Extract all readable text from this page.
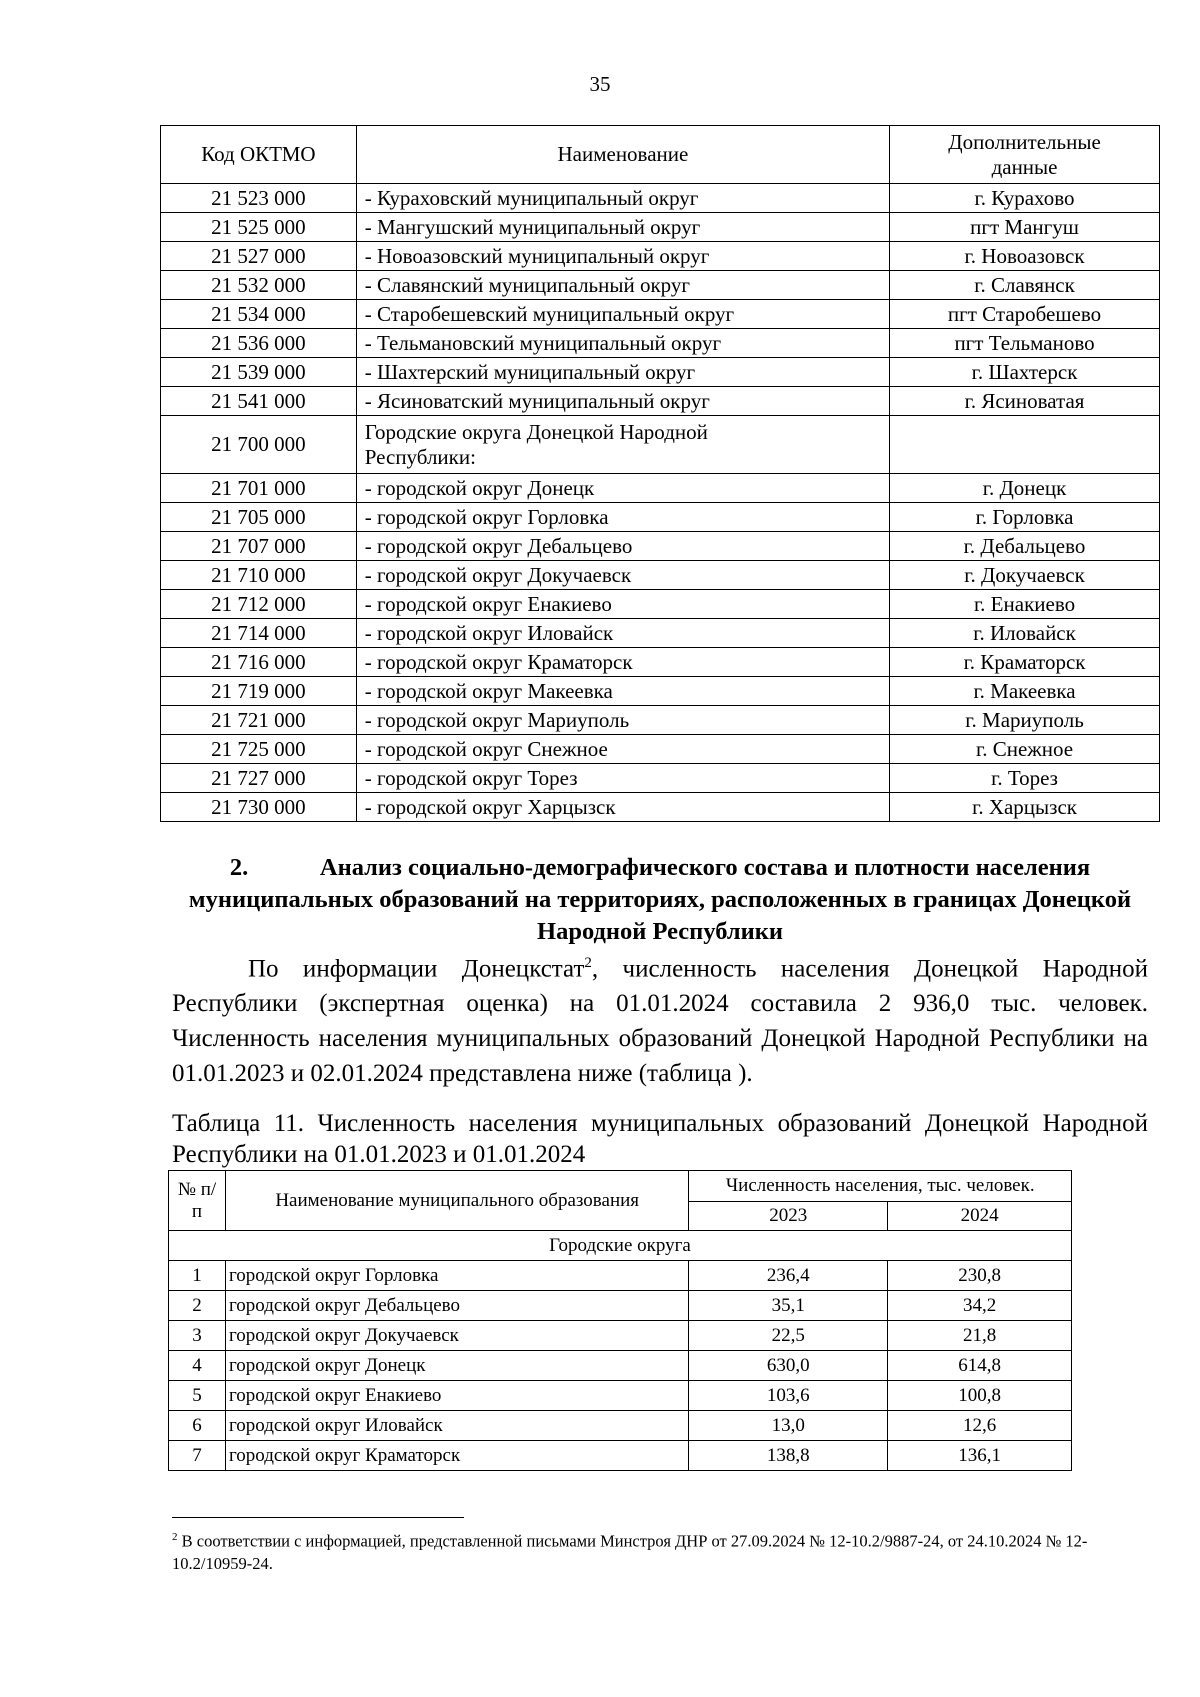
35
Код ОКТМО	Наименование	Дополнительные данные
21 523 000	- Кураховский муниципальный округ	г. Курахово
21 525 000	- Мангушский муниципальный округ	пгт Мангуш
21 527 000	- Новоазовский муниципальный округ	г. Новоазовск
21 532 000	- Славянский муниципальный округ	г. Славянск
21 534 000	- Старобешевский муниципальный округ	пгт Старобешево
21 536 000	- Тельмановский муниципальный округ	пгт Тельманово
21 539 000	- Шахтерский муниципальный округ	г. Шахтерск
21 541 000	- Ясиноватский муниципальный округ	г. Ясиноватая
21 700 000	Городские округа Донецкой Народной Республики:	
21 701 000	- городской округ Донецк	г. Донецк
21 705 000	- городской округ Горловка	г. Горловка
21 707 000	- городской округ Дебальцево	г. Дебальцево
21 710 000	- городской округ Докучаевск	г. Докучаевск
21 712 000	- городской округ Енакиево	г. Енакиево
21 714 000	- городской округ Иловайск	г. Иловайск
21 716 000	- городской округ Краматорск	г. Краматорск
21 719 000	- городской округ Макеевка	г. Макеевка
21 721 000	- городской округ Мариуполь	г. Мариуполь
21 725 000	- городской округ Снежное	г. Снежное
21 727 000	- городской округ Торез	г. Торез
21 730 000	- городской округ Харцызск	г. Харцызск
2.	Анализ социально-демографического состава и плотности населения муниципальных образований на территориях, расположенных в границах Донецкой Народной Республики
По информации Донецкстат$^2$, численность населения Донецкой Народной Республики (экспертная оценка) на 01.01.2024 составила 2 936,0 тыс. человек. Численность населения муниципальных образований Донецкой Народной Республики на 01.01.2023 и 02.01.2024 представлена ниже (таблица ).
Таблица 11. Численность населения муниципальных образований Донецкой Народной Республики на 01.01.2023 и 01.01.2024
№ п/п	Наименование муниципального образования	Численность населения, тыс. человек.	
		2023	2024
Городские округа			
1	городской округ Горловка	236,4	230,8
2	городской округ Дебальцево	35,1	34,2
3	городской округ Докучаевск	22,5	21,8
4	городской округ Донецк	630,0	614,8
5	городской округ Енакиево	103,6	100,8
6	городской округ Иловайск	13,0	12,6
7	городской округ Краматорск	138,8	136,1
$^2$ В соответствии с информацией, представленной письмами Минстроя ДНР от 27.09.2024 № 12-10.2/9887-24, от 24.10.2024 № 12-10.2/10959-24.
